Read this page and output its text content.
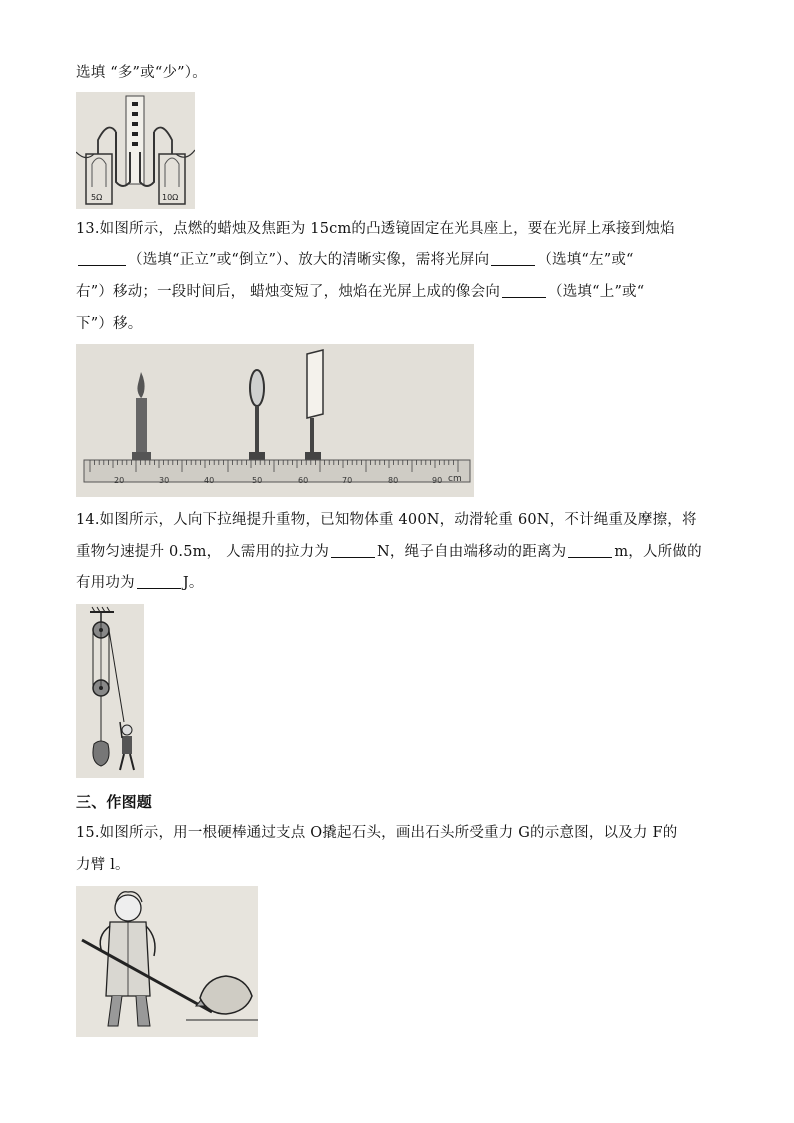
选填 “多”或“少”）。
5Ω	10Ω
13.如图所示，点燃的蜡烛及焦距为 15cm的凸透镜固定在光具座上，要在光屏上承接到烛焰
（选填“正立”或“倒立”）、放大的清晰实像，需将光屏向	（选填“左”或“
右”）移动；一段时间后， 蜡烛变短了，烛焰在光屏上成的像会向	（选填“上”或“
下”）移。
20	30	40	50	60	70	80	90 cm
14.如图所示，人向下拉绳提升重物，已知物体重 400N，动滑轮重 60N，不计绳重及摩擦，将
重物匀速提升 0.5m， 人需用的拉力为	N，绳子自由端移动的距离为	m，人所做的
有用功为	J。
三、作图题
15.如图所示，用一根硬棒通过支点 O撬起石头，画出石头所受重力 G的示意图，以及力 F的
力臂 l。
